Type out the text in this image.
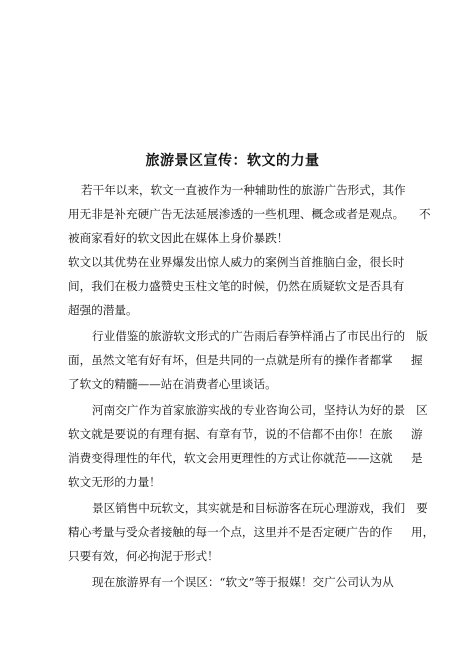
旅游景区宣传：软文的力量
若干年以来，软文一直被作为一种辅助性的旅游广告形式，其作
用无非是补充硬广告无法延展渗透的一些机理、概念或者是观点。    不
被商家看好的软文因此在媒体上身价暴跌！
软文以其优势在业界爆发出惊人威力的案例当首推脑白金，很长时
间，我们在极力盛赞史玉柱文笔的时候，仍然在质疑软文是否具有
超强的潜量。
行业借鉴的旅游软文形式的广告雨后春笋样涌占了市民出行的   版
面，虽然文笔有好有坏，但是共同的一点就是所有的操作者都掌     握
了软文的精髓——站在消费者心里谈话。
河南交广作为首家旅游实战的专业咨询公司，坚持认为好的景   区
软文就是要说的有理有据、有章有节，说的不信都不由你！在旅     游
消费变得理性的年代，软文会用更理性的方式让你就范——这就     是
软文无形的力量！
景区销售中玩软文，其实就是和目标游客在玩心理游戏，我们   要
精心考量与受众者接触的每一个点，这里并不是否定硬广告的作     用，
只要有效，何必拘泥于形式！
现在旅游界有一个误区：“软文”等于报媒！交广公司认为从
